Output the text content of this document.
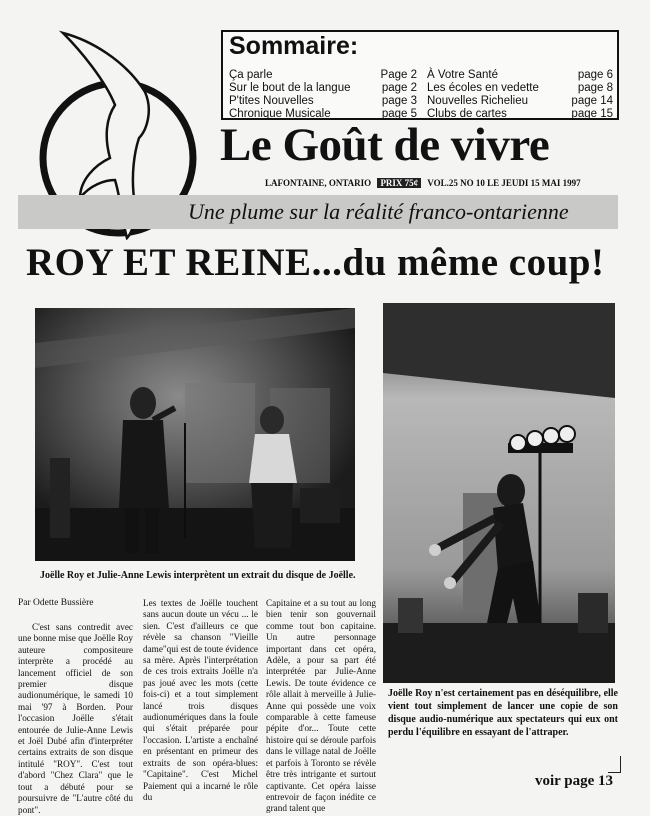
Sommaire:
Ça parle	Page 2
Sur le bout de la langue	page 2
P'tites Nouvelles	page 3
Chronique Musicale	page 5
À Votre Santé	page 6
Les écoles en vedette	page 8
Nouvelles Richelieu	page 14
Clubs de cartes	page 15
Le Goût de vivre
LAFONTAINE, ONTARIO PRIX 75¢ VOL.25 NO 10 LE JEUDI 15 MAI 1997
Une plume sur la réalité franco-ontarienne
ROY ET REINE...du même coup!
Joëlle Roy et Julie-Anne Lewis interprètent un extrait du disque de Joëlle.
Joëlle Roy n'est certainement pas en déséquilibre, elle vient tout simplement de lancer une copie de son disque audio-numérique aux spectateurs qui eux ont perdu l'équilibre en essayant de l'attraper.
Par Odette Bussière
C'est sans contredit avec une bonne mise que Joëlle Roy auteure compositeure interprète a procédé au lancement officiel de son premier disque audionumérique, le samedi 10 mai '97 à Borden. Pour l'occasion Joëlle s'était entourée de Julie-Anne Lewis et Joël Dubé afin d'interpréter certains extraits de son disque intitulé "ROY". C'est tout d'abord "Chez Clara" que le tout a débuté pour se poursuivre de "L'autre côté du pont".
Les textes de Joëlle touchent sans aucun doute un vécu ... le sien. C'est d'ailleurs ce que révèle sa chanson "Vieille dame"qui est de toute évidence sa mère. Après l'interprétation de ces trois extraits Joëlle n'a pas joué avec les mots (cette fois-ci) et a tout simplement lancé trois disques audionumériques dans la foule qui s'était préparée pour l'occasion. L'artiste a enchaîné en présentant en primeur des extraits de son opéra-blues: "Capitaine". C'est Michel Paiement qui a incarné le rôle du
Capitaine et a su tout au long bien tenir son gouvernail comme tout bon capitaine. Un autre personnage important dans cet opéra, Adèle, a pour sa part été interprétée par Julie-Anne Lewis. De toute évidence ce rôle allait à merveille à Julie-Anne qui possède une voix comparable à cette fameuse pépite d'or... Toute cette histoire qui se déroule parfois dans le village natal de Joëlle et parfois à Toronto se révèle être très intrigante et surtout captivante. Cet opéra laisse entrevoir de façon inédite ce grand talent que
voir page 13
